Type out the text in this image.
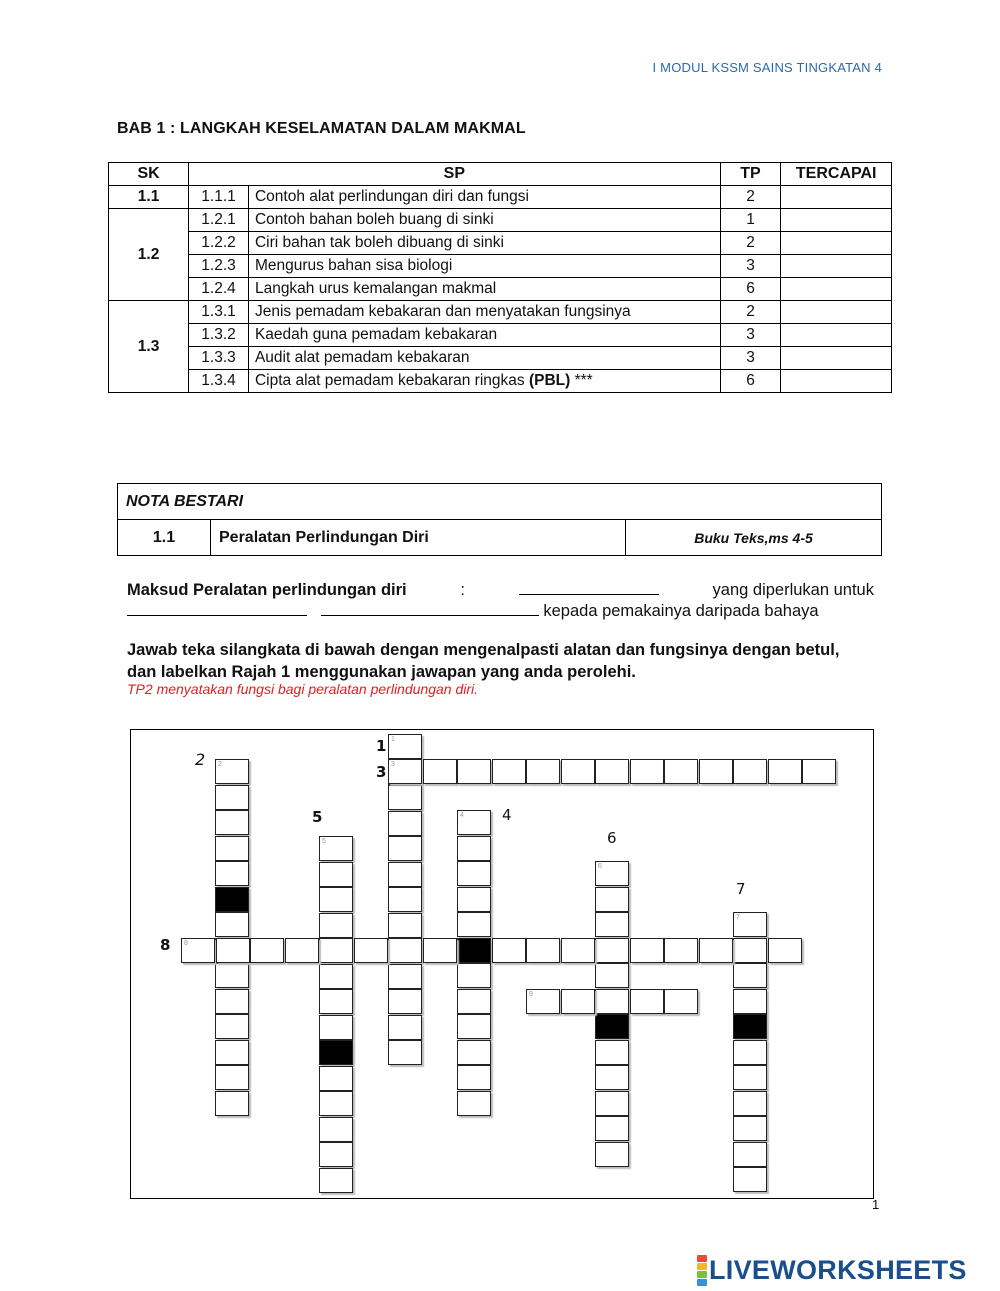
I MODUL KSSM SAINS TINGKATAN 4
BAB 1 : LANGKAH KESELAMATAN DALAM MAKMAL
SK	SP		TP	TERCAPAI
1.1	1.1.1	Contoh alat perlindungan diri dan fungsi	2	
1.2	1.2.1	Contoh bahan boleh buang di sinki	1	
	1.2.2	Ciri bahan tak boleh dibuang di sinki	2	
	1.2.3	Mengurus bahan sisa biologi	3	
	1.2.4	Langkah urus kemalangan makmal	6	
1.3	1.3.1	Jenis pemadam kebakaran dan menyatakan fungsinya	2	
	1.3.2	Kaedah guna pemadam kebakaran	3	
	1.3.3	Audit alat pemadam kebakaran	3	
	1.3.4	Cipta alat pemadam kebakaran ringkas (PBL) ***	6	
NOTA BESTARI
1.1	Peralatan Perlindungan Diri	Buku Teks,ms 4-5
Maksud Peralatan perlindungan diri	:	yang diperlukan untuk
kepada pemakainya daripada bahaya
Jawab teka silangkata di bawah dengan mengenalpasti alatan dan fungsinya dengan betul, dan labelkan Rajah 1 menggunakan jawapan yang anda perolehi.
TP2 menyatakan fungsi bagi peralatan perlindungan diri.
1
3
2
5
4
6
7
8
9
1
3
2
5	4
6
7
8
1
LIVEWORKSHEETS
